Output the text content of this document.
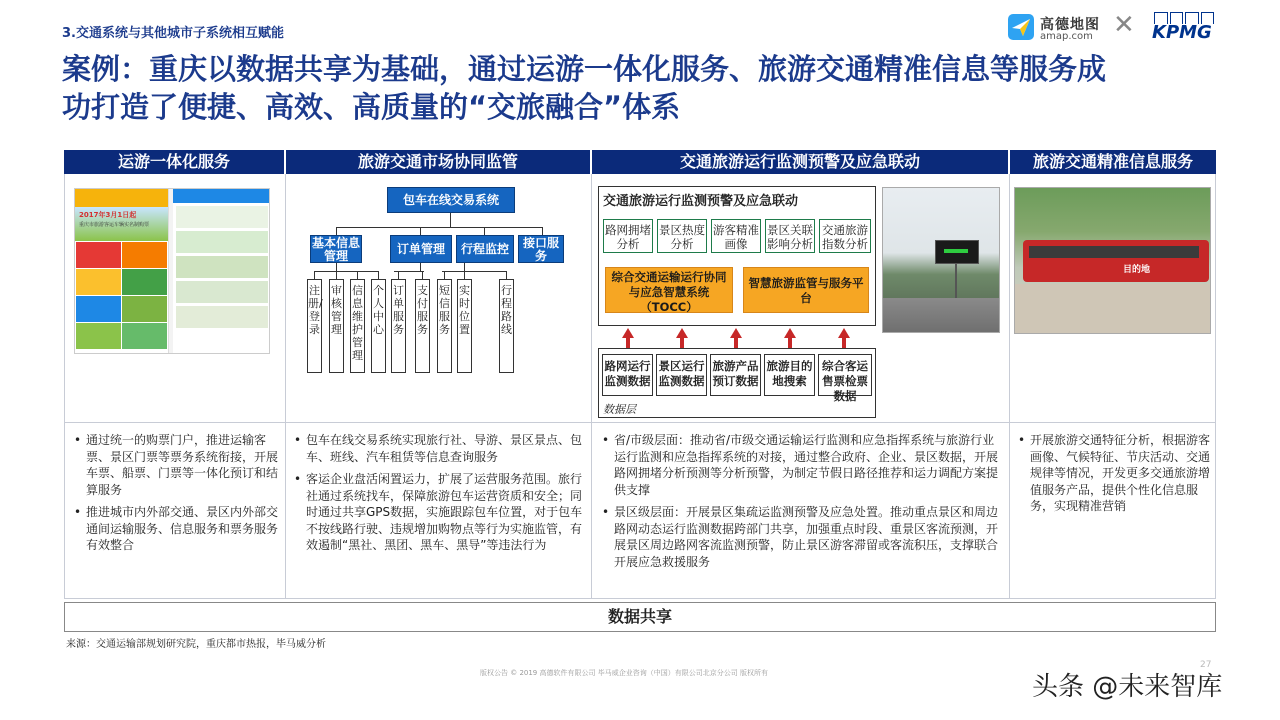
3.交通系统与其他城市子系统相互赋能
高德地图
amap.com ✕ KPMG
案例：重庆以数据共享为基础，通过运游一体化服务、旅游交通精准信息等服务成
功打造了便捷、高效、高质量的“交旅融合”体系
运游一体化服务	旅游交通市场协同监管	交通旅游运行监测预警及应急联动	旅游交通精准信息服务
2017年3月1日起
重庆市旅游客运车辆实名制购票
包车在线交易系统
基本信息管理	订单管理	行程监控	接口服务
注册/登录
审核管理
信息维护管理
个人中心
订单服务
支付服务
短信服务
实时位置
行程路线
交通旅游运行监测预警及应急联动
路网拥堵分析
景区热度分析
游客精准画像
景区关联影响分析
交通旅游指数分析
综合交通运输运行协同与应急智慧系统（TOCC）
智慧旅游监管与服务平台
路网运行监测数据
景区运行监测数据
旅游产品预订数据
旅游目的地搜索
综合客运售票检票数据
数据层
目的地
• 通过统一的购票门户，推进运输客票、景区门票等票务系统衔接，开展车票、船票、门票等一体化预订和结算服务
• 推进城市内外部交通、景区内外部交通间运输服务、信息服务和票务服务有效整合
• 包车在线交易系统实现旅行社、导游、景区景点、包车、班线、汽车租赁等信息查询服务
• 客运企业盘活闲置运力，扩展了运营服务范围。旅行社通过系统找车，保障旅游包车运营资质和安全；同时通过共享GPS数据，实施跟踪包车位置，对于包车不按线路行驶、违规增加购物点等行为实施监管，有效遏制“黑社、黑团、黑车、黑导”等违法行为
• 省/市级层面：推动省/市级交通运输运行监测和应急指挥系统与旅游行业运行监测和应急指挥系统的对接，通过整合政府、企业、景区数据，开展路网拥堵分析预测等分析预警，为制定节假日路径推荐和运力调配方案提供支撑
• 景区级层面：开展景区集疏运监测预警及应急处置。推动重点景区和周边路网动态运行监测数据跨部门共享，加强重点时段、重景区客流预测，开展景区周边路网客流监测预警，防止景区游客滞留或客流积压，支撑联合开展应急救援服务
• 开展旅游交通特征分析，根据游客画像、气候特征、节庆活动、交通规律等情况，开发更多交通旅游增值服务产品，提供个性化信息服务，实现精准营销
数据共享
来源：交通运输部规划研究院，重庆都市热报，毕马威分析
版权公告 © 2019 高德软件有限公司 毕马威企业咨询（中国）有限公司北京分公司 版权所有
27
头条 @未来智库
